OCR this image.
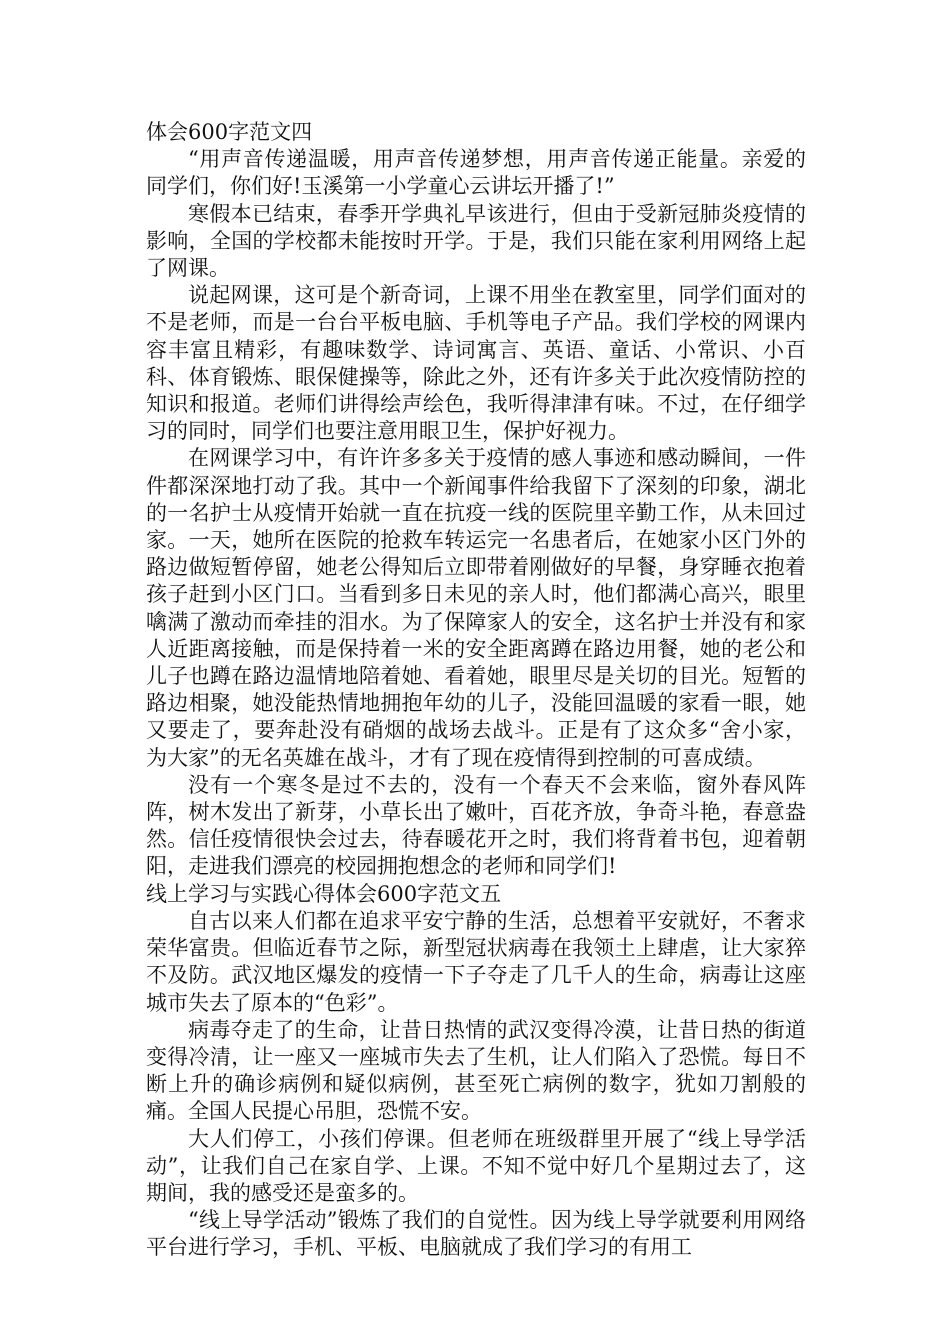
体会600字范文四

“用声音传递温暖，用声音传递梦想，用声音传递正能量。亲爱的同学们，你们好!玉溪第一小学童心云讲坛开播了!”

寒假本已结束，春季开学典礼早该进行，但由于受新冠肺炎疫情的影响，全国的学校都未能按时开学。于是，我们只能在家利用网络上起了网课。

说起网课，这可是个新奇词，上课不用坐在教室里，同学们面对的不是老师，而是一台台平板电脑、手机等电子产品。我们学校的网课内容丰富且精彩，有趣味数学、诗词寓言、英语、童话、小常识、小百科、体育锻炼、眼保健操等，除此之外，还有许多关于此次疫情防控的知识和报道。老师们讲得绘声绘色，我听得津津有味。不过，在仔细学习的同时，同学们也要注意用眼卫生，保护好视力。

在网课学习中，有许许多多关于疫情的感人事迹和感动瞬间，一件件都深深地打动了我。其中一个新闻事件给我留下了深刻的印象，湖北的一名护士从疫情开始就一直在抗疫一线的医院里辛勤工作，从未回过家。一天，她所在医院的抢救车转运完一名患者后，在她家小区门外的路边做短暂停留，她老公得知后立即带着刚做好的早餐，身穿睡衣抱着孩子赶到小区门口。当看到多日未见的亲人时，他们都满心高兴，眼里噙满了激动而牵挂的泪水。为了保障家人的安全，这名护士并没有和家人近距离接触，而是保持着一米的安全距离蹲在路边用餐，她的老公和儿子也蹲在路边温情地陪着她、看着她，眼里尽是关切的目光。短暂的路边相聚，她没能热情地拥抱年幼的儿子，没能回温暖的家看一眼，她又要走了，要奔赴没有硝烟的战场去战斗。正是有了这众多“舍小家，为大家”的无名英雄在战斗，才有了现在疫情得到控制的可喜成绩。

没有一个寒冬是过不去的，没有一个春天不会来临，窗外春风阵阵，树木发出了新芽，小草长出了嫩叶，百花齐放，争奇斗艳，春意盎然。信任疫情很快会过去，待春暖花开之时，我们将背着书包，迎着朝阳，走进我们漂亮的校园拥抱想念的老师和同学们!

线上学习与实践心得体会600字范文五

自古以来人们都在追求平安宁静的生活，总想着平安就好，不奢求荣华富贵。但临近春节之际，新型冠状病毒在我领土上肆虐，让大家猝不及防。武汉地区爆发的疫情一下子夺走了几千人的生命，病毒让这座城市失去了原本的“色彩”。

病毒夺走了的生命，让昔日热情的武汉变得冷漠，让昔日热的街道变得冷清，让一座又一座城市失去了生机，让人们陷入了恐慌。每日不断上升的确诊病例和疑似病例，甚至死亡病例的数字，犹如刀割般的痛。全国人民提心吊胆，恐慌不安。

大人们停工，小孩们停课。但老师在班级群里开展了“线上导学活动”，让我们自己在家自学、上课。不知不觉中好几个星期过去了，这期间，我的感受还是蛮多的。

“线上导学活动”锻炼了我们的自觉性。因为线上导学就要利用网络平台进行学习，手机、平板、电脑就成了我们学习的有用工
